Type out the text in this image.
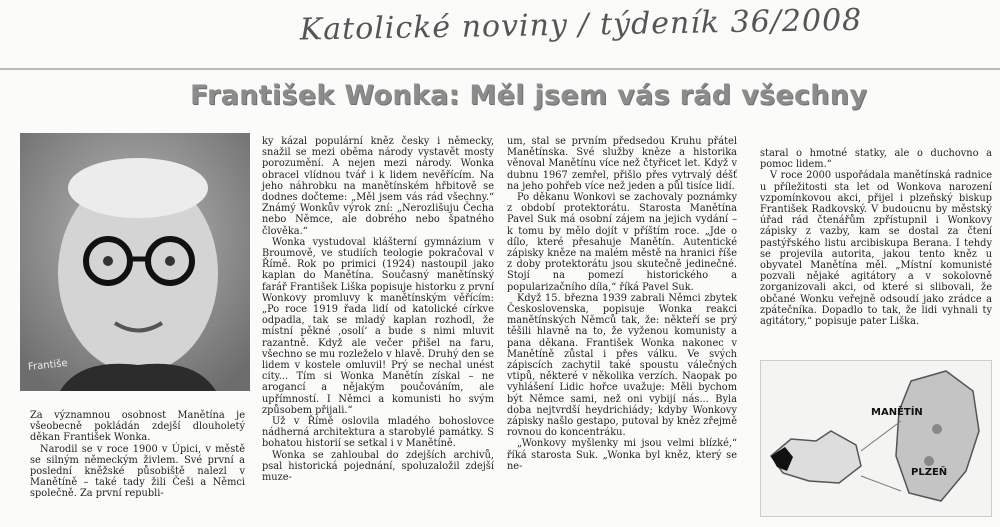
Katolické noviny / týdeník 36/2008
František Wonka: Měl jsem vás rád všechny
Františe

Za významnou osobnost Manětína je všeobecně pokládán zdejší dlouholetý děkan František Wonka.

Narodil se v roce 1900 v Úpici, v městě se silným německým živlem. Své první a poslední kněžské působiště nalezl v Manětíně – také tady žili Češi a Němci společně. Za první republi-

ky kázal populární kněz česky i německy, snažil se mezi oběma národy vystavět mosty porozumění. A nejen mezi národy. Wonka obracel vlídnou tvář i k lidem nevěřícím. Na jeho náhrobku na manětínském hřbitově se dodnes dočteme: „Měl jsem vás rád všechny.“ Známý Wonkův výrok zní: „Nerozlišuju Čecha nebo Němce, ale dobrého nebo špatného člověka.“

Wonka vystudoval klášterní gymnázium v Broumově, ve studiích teologie pokračoval v Římě. Rok po primici (1924) nastoupil jako kaplan do Manětína. Současný manětínský farář František Liška popisuje historku z první Wonkovy promluvy k manětínským věřícím: „Po roce 1919 řada lidí od katolické církve odpadla, tak se mladý kaplan rozhodl, že místní pěkné ‚osolí‘ a bude s nimi mluvit razantně. Když ale večer přišel na faru, všechno se mu rozleželo v hlavě. Druhý den se lidem v kostele omluvil! Prý se nechal unést city... Tím si Wonka Manětín získal – ne arogancí a nějakým poučováním, ale upřímností. I Němci a komunisti ho svým způsobem přijali.“

Už v Římě oslovila mladého bohoslovce nádherná architektura a starobylé památky. S bohatou historií se setkal i v Manětíně.

Wonka se zahloubal do zdejších archivů, psal historická pojednání, spoluzaložil zdejší muze-

um, stal se prvním předsedou Kruhu přátel Manětínska. Své služby kněze a historika věnoval Manětínu více než čtyřicet let. Když v dubnu 1967 zemřel, přišlo přes vytrvalý déšť na jeho pohřeb více než jeden a půl tisíce lidí.

Po děkanu Wonkovi se zachovaly poznámky z období protektorátu. Starosta Manětína Pavel Suk má osobní zájem na jejich vydání – k tomu by mělo dojít v příštím roce. „Jde o dílo, které přesahuje Manětín. Autentické zápisky kněze na malém městě na hranici říše z doby protektorátu jsou skutečně jedinečné. Stojí na pomezí historického a popularizačního díla,“ říká Pavel Suk.

Když 15. března 1939 zabrali Němci zbytek Československa, popisuje Wonka reakci manětínských Němců tak, že: někteří se prý těšili hlavně na to, že vyženou komunisty a pana děkana. František Wonka nakonec v Manětíně zůstal i přes válku. Ve svých zápiscích zachytil také spoustu válečných vtipů, některé v několika verzích. Naopak po vyhlášení Lidic hořce uvažuje: Měli bychom být Němce sami, než oni vybijí nás... Byla doba nejtvrdší heydrichiády; kdyby Wonkovy zápisky našlo gestapo, putoval by kněz zřejmě rovnou do koncentráku.

„Wonkovy myšlenky mi jsou velmi blízké,“ říká starosta Suk. „Wonka byl kněz, který se ne-

staral o hmotné statky, ale o duchovno a pomoc lidem.“

V roce 2000 uspořádala manětínská radnice u příležitosti sta let od Wonkova narození vzpomínkovou akci, přijel i plzeňský biskup František Radkovský. V budoucnu by městský úřad rád čtenářům zpřístupnil i Wonkovy zápisky z vazby, kam se dostal za čtení pastýřského listu arcibiskupa Berana. I tehdy se projevila autorita, jakou tento kněz u obyvatel Manětína měl. „Místní komunisté pozvali nějaké agitátory a v sokolovně zorganizovali akci, od které si slibovali, že občané Wonku veřejně odsoudí jako zrádce a zpátečníka. Dopadlo to tak, že lidi vyhnali ty agitátory,“ popisuje pater Liška.

MANĚTÍN
PLZEŇ
